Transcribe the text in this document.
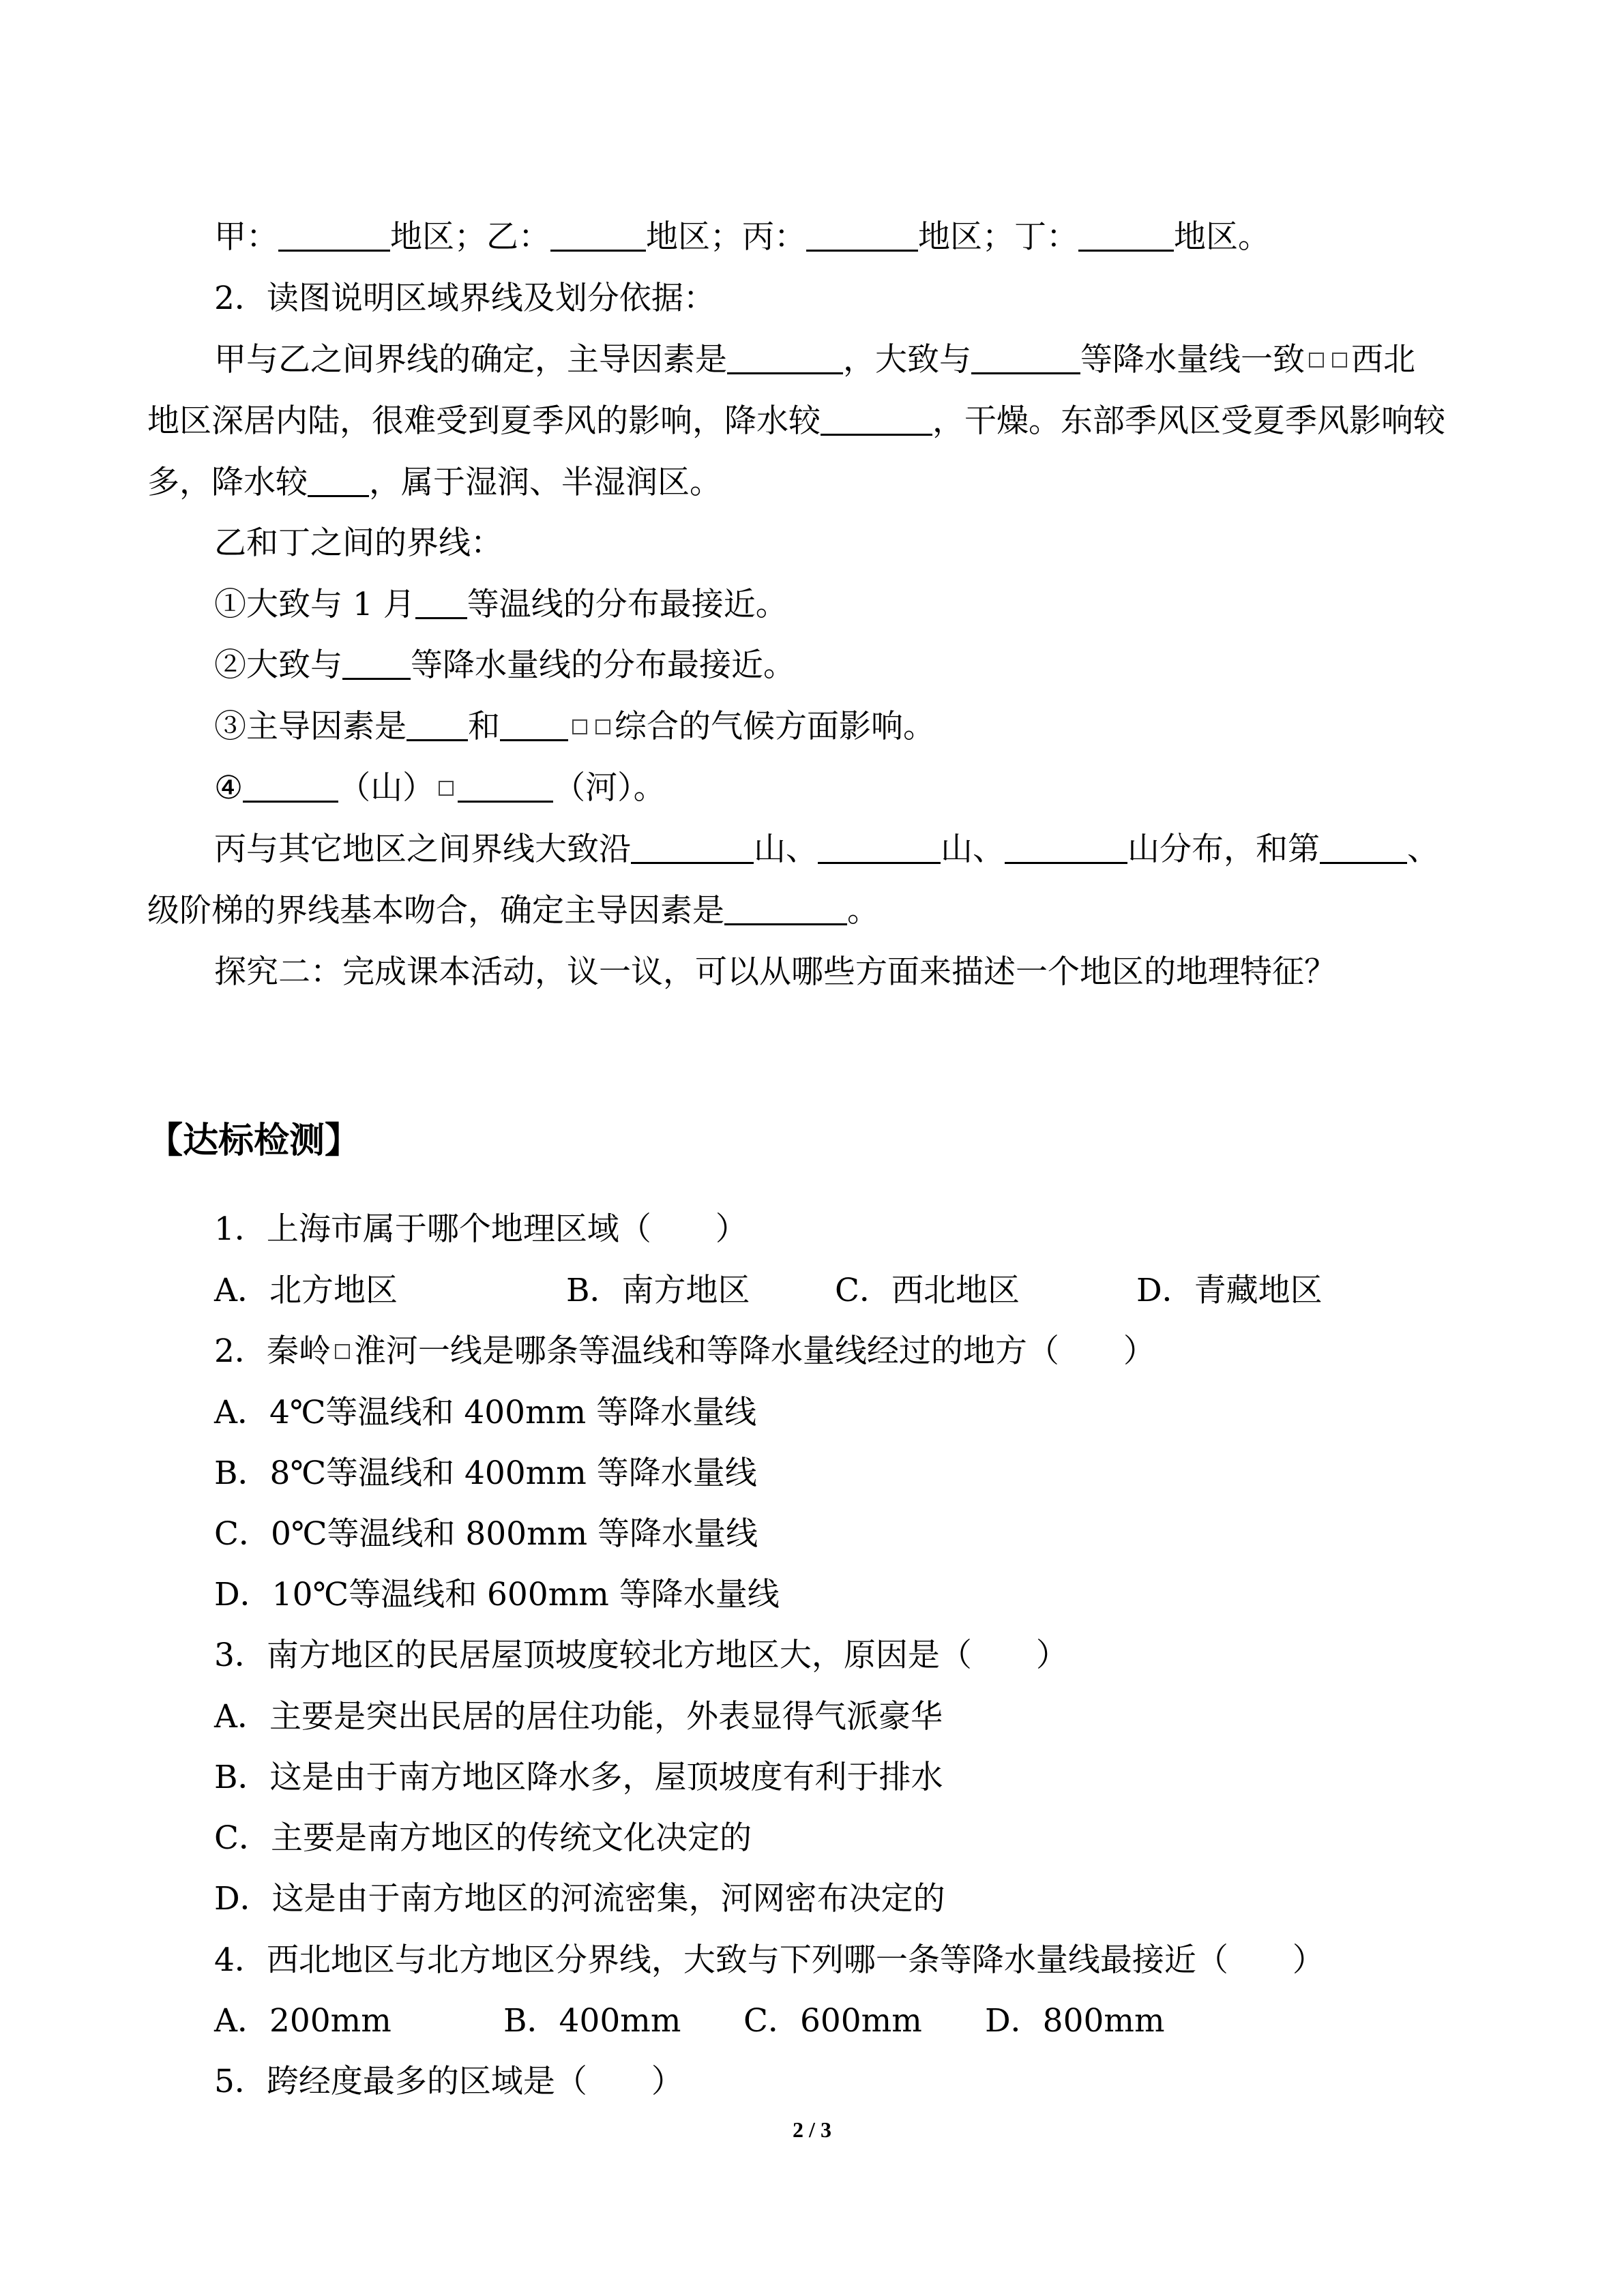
甲：	地区；乙：	地区；丙：	地区；丁：	地区。
2．读图说明区域界线及划分依据：
甲与乙之间界线的确定，主导因素是	，大致与	等降水量线一致 西北
地区深居内陆，很难受到夏季风的影响，降水较	，干燥。东部季风区受夏季风影响较
多，降水较 ，属于湿润、半湿润区。
乙和丁之间的界线：
①大致与 1 月 等温线的分布最接近。
②大致与 等降水量线的分布最接近。
③主导因素是 和	综合的气候方面影响。
④	（山）	（河）。
丙与其它地区之间界线大致沿	山、	山、	山分布，和第	、
级阶梯的界线基本吻合，确定主导因素是	。
探究二：完成课本活动，议一议，可以从哪些方面来描述一个地区的地理特征？
【达标检测】
1．上海市属于哪个地理区域（　　）
A．北方地区	B．南方地区	C．西北地区	D．青藏地区
2．秦岭 淮河一线是哪条等温线和等降水量线经过的地方（　　）
A．4℃等温线和 400mm 等降水量线
B．8℃等温线和 400mm 等降水量线
C．0℃等温线和 800mm 等降水量线
D．10℃等温线和 600mm 等降水量线
3．南方地区的民居屋顶坡度较北方地区大，原因是（　　）
A．主要是突出民居的居住功能，外表显得气派豪华
B．这是由于南方地区降水多，屋顶坡度有利于排水
C．主要是南方地区的传统文化决定的
D．这是由于南方地区的河流密集，河网密布决定的
4．西北地区与北方地区分界线，大致与下列哪一条等降水量线最接近（　　）
A．200mm	B．400mm C．600mm D．800mm
5．跨经度最多的区域是（　　）
2 / 3
